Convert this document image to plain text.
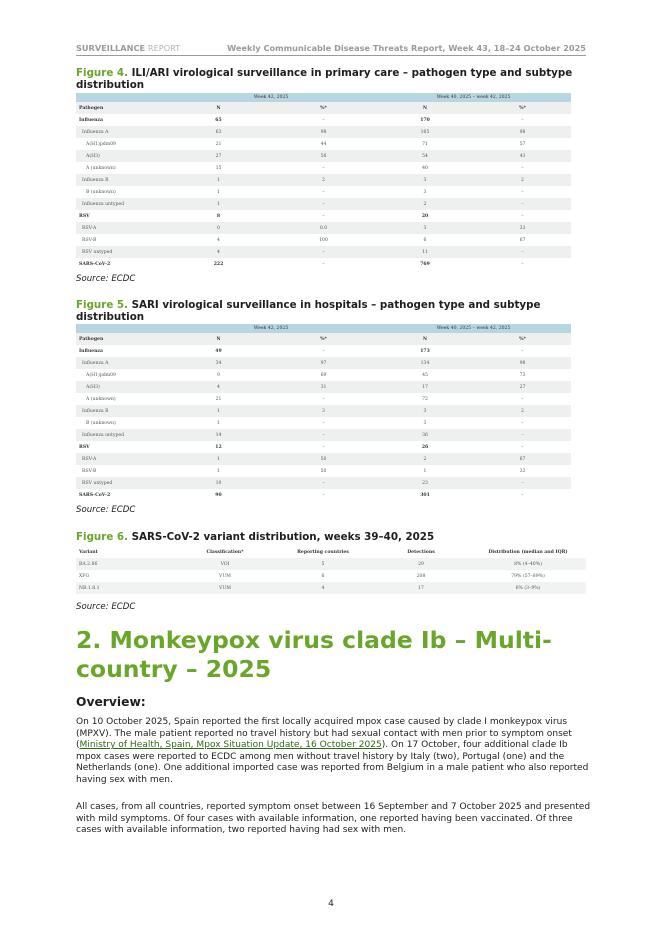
SURVEILLANCE REPORT	Weekly Communicable Disease Threats Report, Week 43, 18–24 October 2025
Figure 4. ILI/ARI virological surveillance in primary care – pathogen type and subtype distribution
	Week 42, 2025		Week 40, 2025 – week 42, 2025	
Pathogen	N	%*	N	%*
Influenza	65	–	170	–
Influenza A	63	98	165	98
A(H1)pdm09	21	44	71	57
A(H3)	27	58	54	43
A (unknown)	15	–	40	–
Influenza B	1	2	3	2
B (unknown)	1	–	3	–
Influenza untyped	1	–	2	–
RSV	8	–	20	–
RSV-A	0	0.0	3	33
RSV-B	4	100	6	67
RSV untyped	4	–	11	–
SARS-CoV-2	222	–	769	–
Source: ECDC
Figure 5. SARI virological surveillance in hospitals – pathogen type and subtype distribution
	Week 42, 2025		Week 40, 2025 – week 42, 2025	
Pathogen	N	%*	N	%*
Influenza	49	–	173	–
Influenza A	34	97	134	98
A(H1)pdm09	9	69	45	73
A(H3)	4	31	17	27
A (unknown)	21	–	72	–
Influenza B	1	3	3	2
B (unknown)	1	–	3	–
Influenza untyped	14	–	36	–
RSV	12	–	26	–
RSV-A	1	50	2	67
RSV-B	1	50	1	33
RSV untyped	10	–	23	–
SARS-CoV-2	90	–	301	–
Source: ECDC
Figure 6. SARS-CoV-2 variant distribution, weeks 39–40, 2025
Variant	Classification*	Reporting countries	Detections	Distribution (median and IQR)
BA.2.86	VOI	5	29	8% (4–40%)
XFG	VUM	6	208	79% (57–89%)
NB.1.8.1	VUM	4	17	6% (3–9%)
Source: ECDC
2. Monkeypox virus clade Ib – Multi-country – 2025
Overview:

On 10 October 2025, Spain reported the first locally acquired mpox case caused by clade I monkeypox virus (MPXV). The male patient reported no travel history but had sexual contact with men prior to symptom onset (Ministry of Health, Spain, Mpox Situation Update, 16 October 2025). On 17 October, four additional clade Ib mpox cases were reported to ECDC among men without travel history by Italy (two), Portugal (one) and the Netherlands (one). One additional imported case was reported from Belgium in a male patient who also reported having sex with men.

All cases, from all countries, reported symptom onset between 16 September and 7 October 2025 and presented with mild symptoms. Of four cases with available information, one reported having been vaccinated. Of three cases with available information, two reported having had sex with men.

4
